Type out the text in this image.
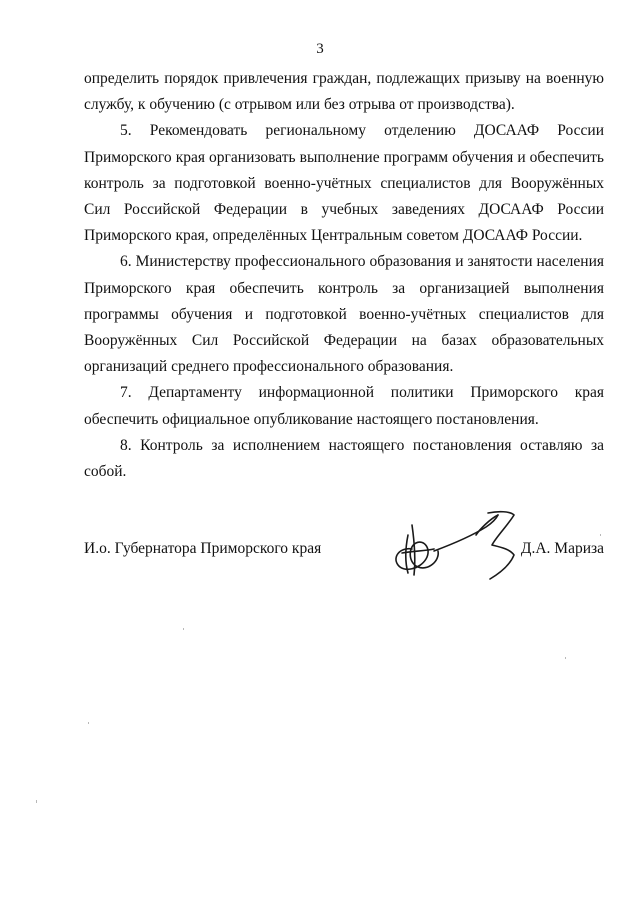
3

определить порядок привлечения граждан, подлежащих призыву на военную службу, к обучению (с отрывом или без отрыва от производства).

5. Рекомендовать региональному отделению ДОСААФ России Приморского края организовать выполнение программ обучения и обеспечить контроль за подготовкой военно-учётных специалистов для Вооружённых Сил Российской Федерации в учебных заведениях ДОСААФ России Приморского края, определённых Центральным советом ДОСААФ России.

6. Министерству профессионального образования и занятости населения Приморского края обеспечить контроль за организацией выполнения программы обучения и подготовкой военно-учётных специалистов для Вооружённых Сил Российской Федерации на базах образовательных организаций среднего профессионального образования.

7. Департаменту информационной политики Приморского края обеспечить официальное опубликование настоящего постановления.

8. Контроль за исполнением настоящего постановления оставляю за собой.

И.о. Губернатора Приморского края	Д.А. Мариза
